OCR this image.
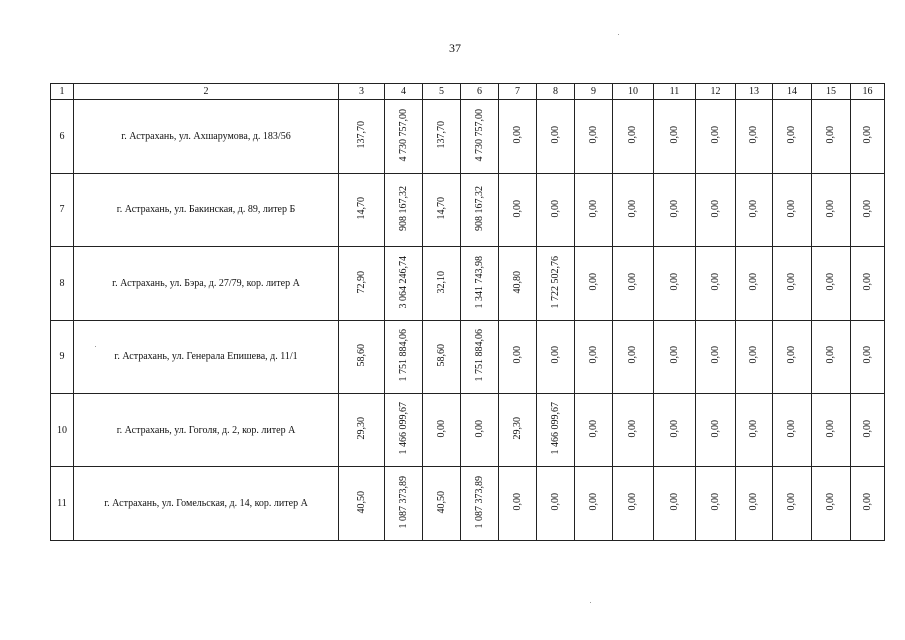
37
1	2	3	4	5	6	7	8	9	10	11	12	13	14	15	16
6	г. Астрахань, ул. Ахшарумова, д. 183/56	137,70	4 730 757,00	137,70	4 730 757,00	0,00	0,00	0,00	0,00	0,00	0,00	0,00	0,00	0,00	0,00
7	г. Астрахань, ул. Бакинская, д. 89, литер Б	14,70	908 167,32	14,70	908 167,32	0,00	0,00	0,00	0,00	0,00	0,00	0,00	0,00	0,00	0,00
8	г. Астрахань, ул. Бэра, д. 27/79, кор. литер А	72,90	3 064 246,74	32,10	1 341 743,98	40,80	1 722 502,76	0,00	0,00	0,00	0,00	0,00	0,00	0,00	0,00
9	г. Астрахань, ул. Генерала Епишева, д. 11/1	58,60	1 751 884,06	58,60	1 751 884,06	0,00	0,00	0,00	0,00	0,00	0,00	0,00	0,00	0,00	0,00
10	г. Астрахань, ул. Гоголя, д. 2, кор. литер А	29,30	1 466 099,67	0,00	0,00	29,30	1 466 099,67	0,00	0,00	0,00	0,00	0,00	0,00	0,00	0,00
11	г. Астрахань, ул. Гомельская, д. 14, кор. литер А	40,50	1 087 373,89	40,50	1 087 373,89	0,00	0,00	0,00	0,00	0,00	0,00	0,00	0,00	0,00	0,00
